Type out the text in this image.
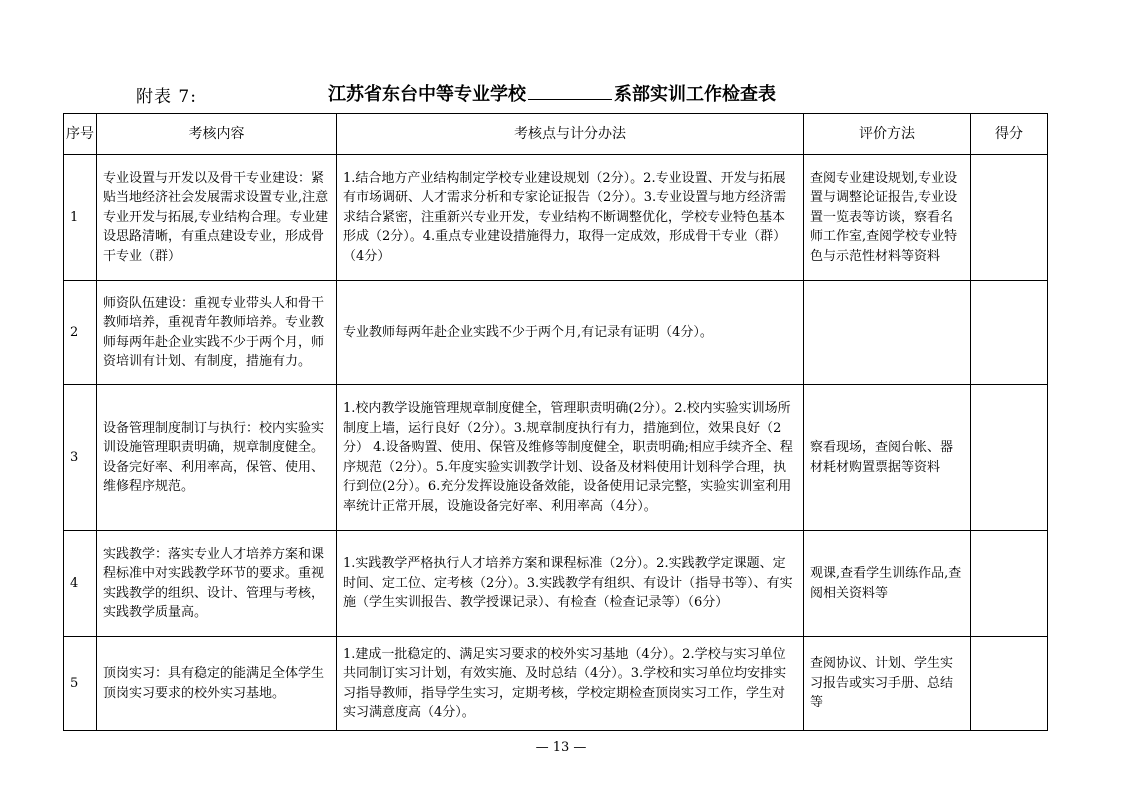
附表 7:	江苏省东台中等专业学校	系部实训工作检查表
序号	考核内容	考核点与计分办法	评价方法	得分
1	专业设置与开发以及骨干专业建设：紧贴当地经济社会发展需求设置专业,注意专业开发与拓展,专业结构合理。专业建设思路清晰，有重点建设专业，形成骨干专业（群）	1.结合地方产业结构制定学校专业建设规划（2分）。2.专业设置、开发与拓展有市场调研、人才需求分析和专家论证报告（2分）。3.专业设置与地方经济需求结合紧密，注重新兴专业开发，专业结构不断调整优化，学校专业特色基本形成（2分）。4.重点专业建设措施得力，取得一定成效，形成骨干专业（群）（4分）	查阅专业建设规划,专业设置与调整论证报告,专业设置一览表等访谈，察看名师工作室,查阅学校专业特色与示范性材料等资料	
2	师资队伍建设：重视专业带头人和骨干教师培养，重视青年教师培养。专业教师每两年赴企业实践不少于两个月，师资培训有计划、有制度，措施有力。	专业教师每两年赴企业实践不少于两个月,有记录有证明（4分）。		
3	设备管理制度制订与执行：校内实验实训设施管理职责明确，规章制度健全。设备完好率、利用率高，保管、使用、维修程序规范。	1.校内教学设施管理规章制度健全，管理职责明确(2分）。2.校内实验实训场所制度上墙，运行良好（2分）。3.规章制度执行有力，措施到位，效果良好（2分） 4.设备购置、使用、保管及维修等制度健全，职责明确;相应手续齐全、程序规范（2分）。5.年度实验实训教学计划、设备及材料使用计划科学合理，执行到位(2分）。6.充分发挥设施设备效能，设备使用记录完整，实验实训室利用率统计正常开展，设施设备完好率、利用率高（4分）。	察看现场，查阅台帐、器材耗材购置票据等资料	
4	实践教学：落实专业人才培养方案和课程标准中对实践教学环节的要求。重视实践教学的组织、设计、管理与考核，实践教学质量高。	1.实践教学严格执行人才培养方案和课程标准（2分）。2.实践教学定课题、定时间、定工位、定考核（2分）。3.实践教学有组织、有设计（指导书等）、有实施（学生实训报告、教学授课记录）、有检查（检查记录等）（6分）	观课,查看学生训练作品,查阅相关资料等	
5	顶岗实习：具有稳定的能满足全体学生顶岗实习要求的校外实习基地。	1.建成一批稳定的、满足实习要求的校外实习基地（4分）。2.学校与实习单位共同制订实习计划，有效实施、及时总结（4分）。3.学校和实习单位均安排实习指导教师，指导学生实习，定期考核，学校定期检查顶岗实习工作，学生对实习满意度高（4分）。	查阅协议、计划、学生实习报告或实习手册、总结等	
— 13 —
